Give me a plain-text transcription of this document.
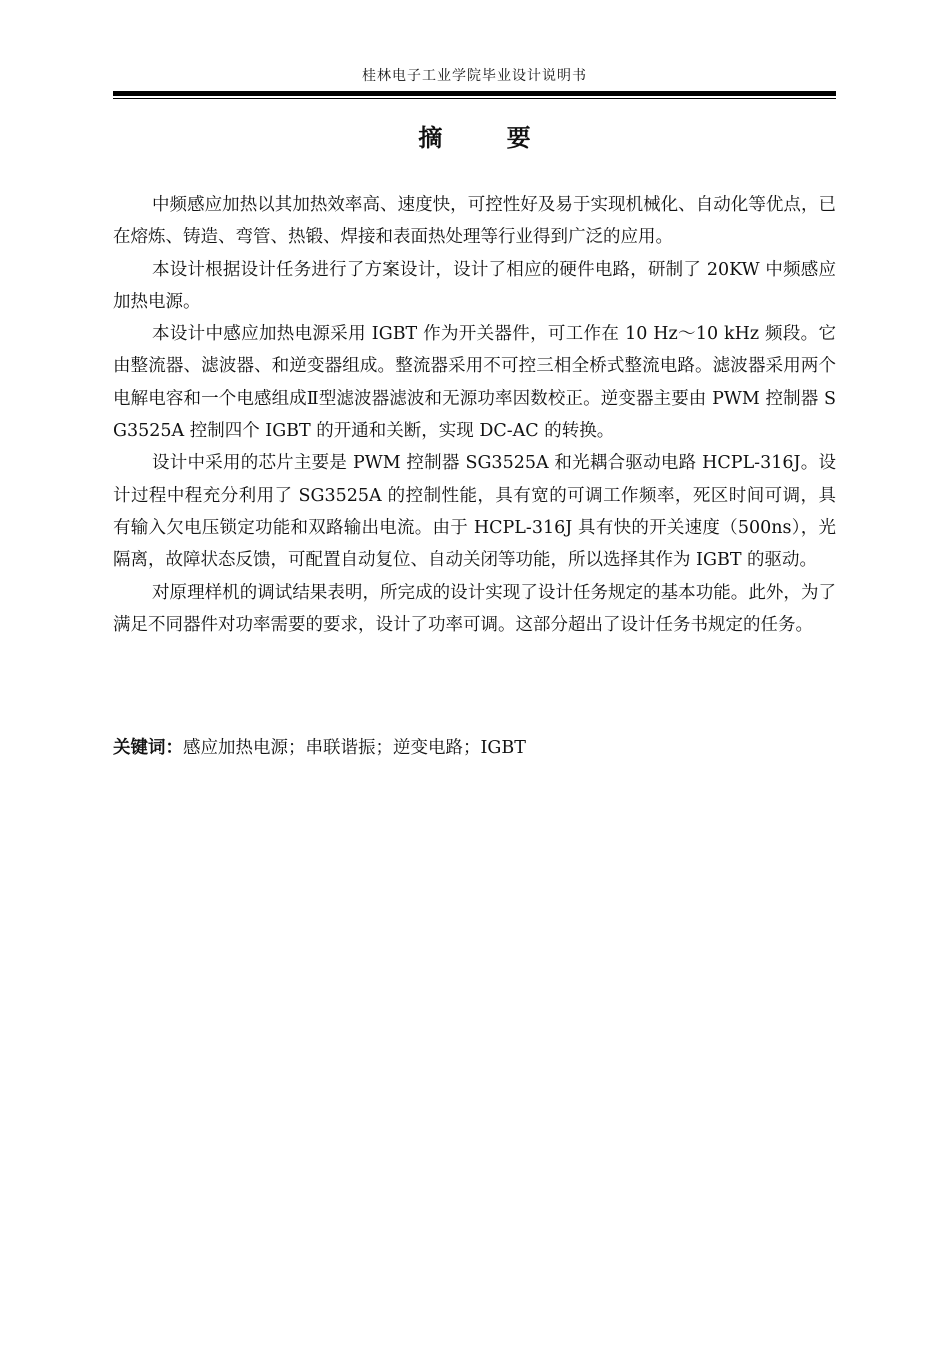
桂林电子工业学院毕业设计说明书
摘 要

中频感应加热以其加热效率高、速度快，可控性好及易于实现机械化、自动化等优点，已在熔炼、铸造、弯管、热锻、焊接和表面热处理等行业得到广泛的应用。

本设计根据设计任务进行了方案设计，设计了相应的硬件电路，研制了 20KW 中频感应加热电源。

本设计中感应加热电源采用 IGBT 作为开关器件，可工作在 10 Hz～10 kHz 频段。它由整流器、滤波器、和逆变器组成。整流器采用不可控三相全桥式整流电路。滤波器采用两个电解电容和一个电感组成Ⅱ型滤波器滤波和无源功率因数校正。逆变器主要由 PWM 控制器 SG3525A 控制四个 IGBT 的开通和关断，实现 DC-AC 的转换。

设计中采用的芯片主要是 PWM 控制器 SG3525A 和光耦合驱动电路 HCPL-316J。设计过程中程充分利用了 SG3525A 的控制性能，具有宽的可调工作频率，死区时间可调，具有输入欠电压锁定功能和双路输出电流。由于 HCPL-316J 具有快的开关速度（500ns），光隔离，故障状态反馈，可配置自动复位、自动关闭等功能，所以选择其作为 IGBT 的驱动。

对原理样机的调试结果表明，所完成的设计实现了设计任务规定的基本功能。此外，为了满足不同器件对功率需要的要求，设计了功率可调。这部分超出了设计任务书规定的任务。

关键词：感应加热电源；串联谐振；逆变电路；IGBT
